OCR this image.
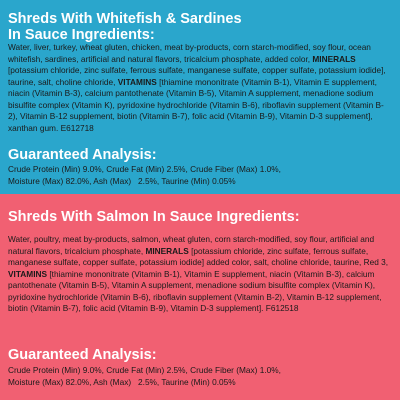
Shreds With Whitefish & Sardines

In Sauce Ingredients:

Water, liver, turkey, wheat gluten, chicken, meat by-products, corn starch-modified, soy flour, ocean whitefish, sardines, artificial and natural flavors, tricalcium phosphate, added color, MINERALS [potassium chloride, zinc sulfate, ferrous sulfate, manganese sulfate, copper sulfate, potassium iodide], taurine, salt, choline chloride, VITAMINS [thiamine mononitrate (Vitamin B-1), Vitamin E supplement, niacin (Vitamin B-3), calcium pantothenate (Vitamin B-5), Vitamin A supplement, menadione sodium bisulfite complex (Vitamin K), pyridoxine hydrochloride (Vitamin B-6), riboflavin supplement (Vitamin B-2), Vitamin B-12 supplement, biotin (Vitamin B-7), folic acid (Vitamin B-9), Vitamin D-3 supplement], xanthan gum. E612718

Guaranteed Analysis:

Crude Protein (Min) 9.0%, Crude Fat (Min) 2.5%, Crude Fiber (Max) 1.0%,
Moisture (Max) 82.0%, Ash (Max)   2.5%, Taurine (Min) 0.05%

Shreds With Salmon In Sauce Ingredients:

Water, poultry, meat by-products, salmon, wheat gluten, corn starch-modified, soy flour, artificial and natural flavors, tricalcium phosphate, MINERALS [potassium chloride, zinc sulfate, ferrous sulfate, manganese sulfate, copper sulfate, potassium iodide] added color, salt, choline chloride, taurine, Red 3, VITAMINS [thiamine mononitrate (Vitamin B-1), Vitamin E supplement, niacin (Vitamin B-3), calcium pantothenate (Vitamin B-5), Vitamin A supplement, menadione sodium bisulfite complex (Vitamin K), pyridoxine hydrochloride (Vitamin B-6), riboflavin supplement (Vitamin B-2), Vitamin B-12 supplement, biotin (Vitamin B-7), folic acid (Vitamin B-9), Vitamin D-3 supplement]. F612518

Guaranteed Analysis:

Crude Protein (Min) 9.0%, Crude Fat (Min) 2.5%, Crude Fiber (Max) 1.0%,
Moisture (Max) 82.0%, Ash (Max)   2.5%, Taurine (Min) 0.05%
